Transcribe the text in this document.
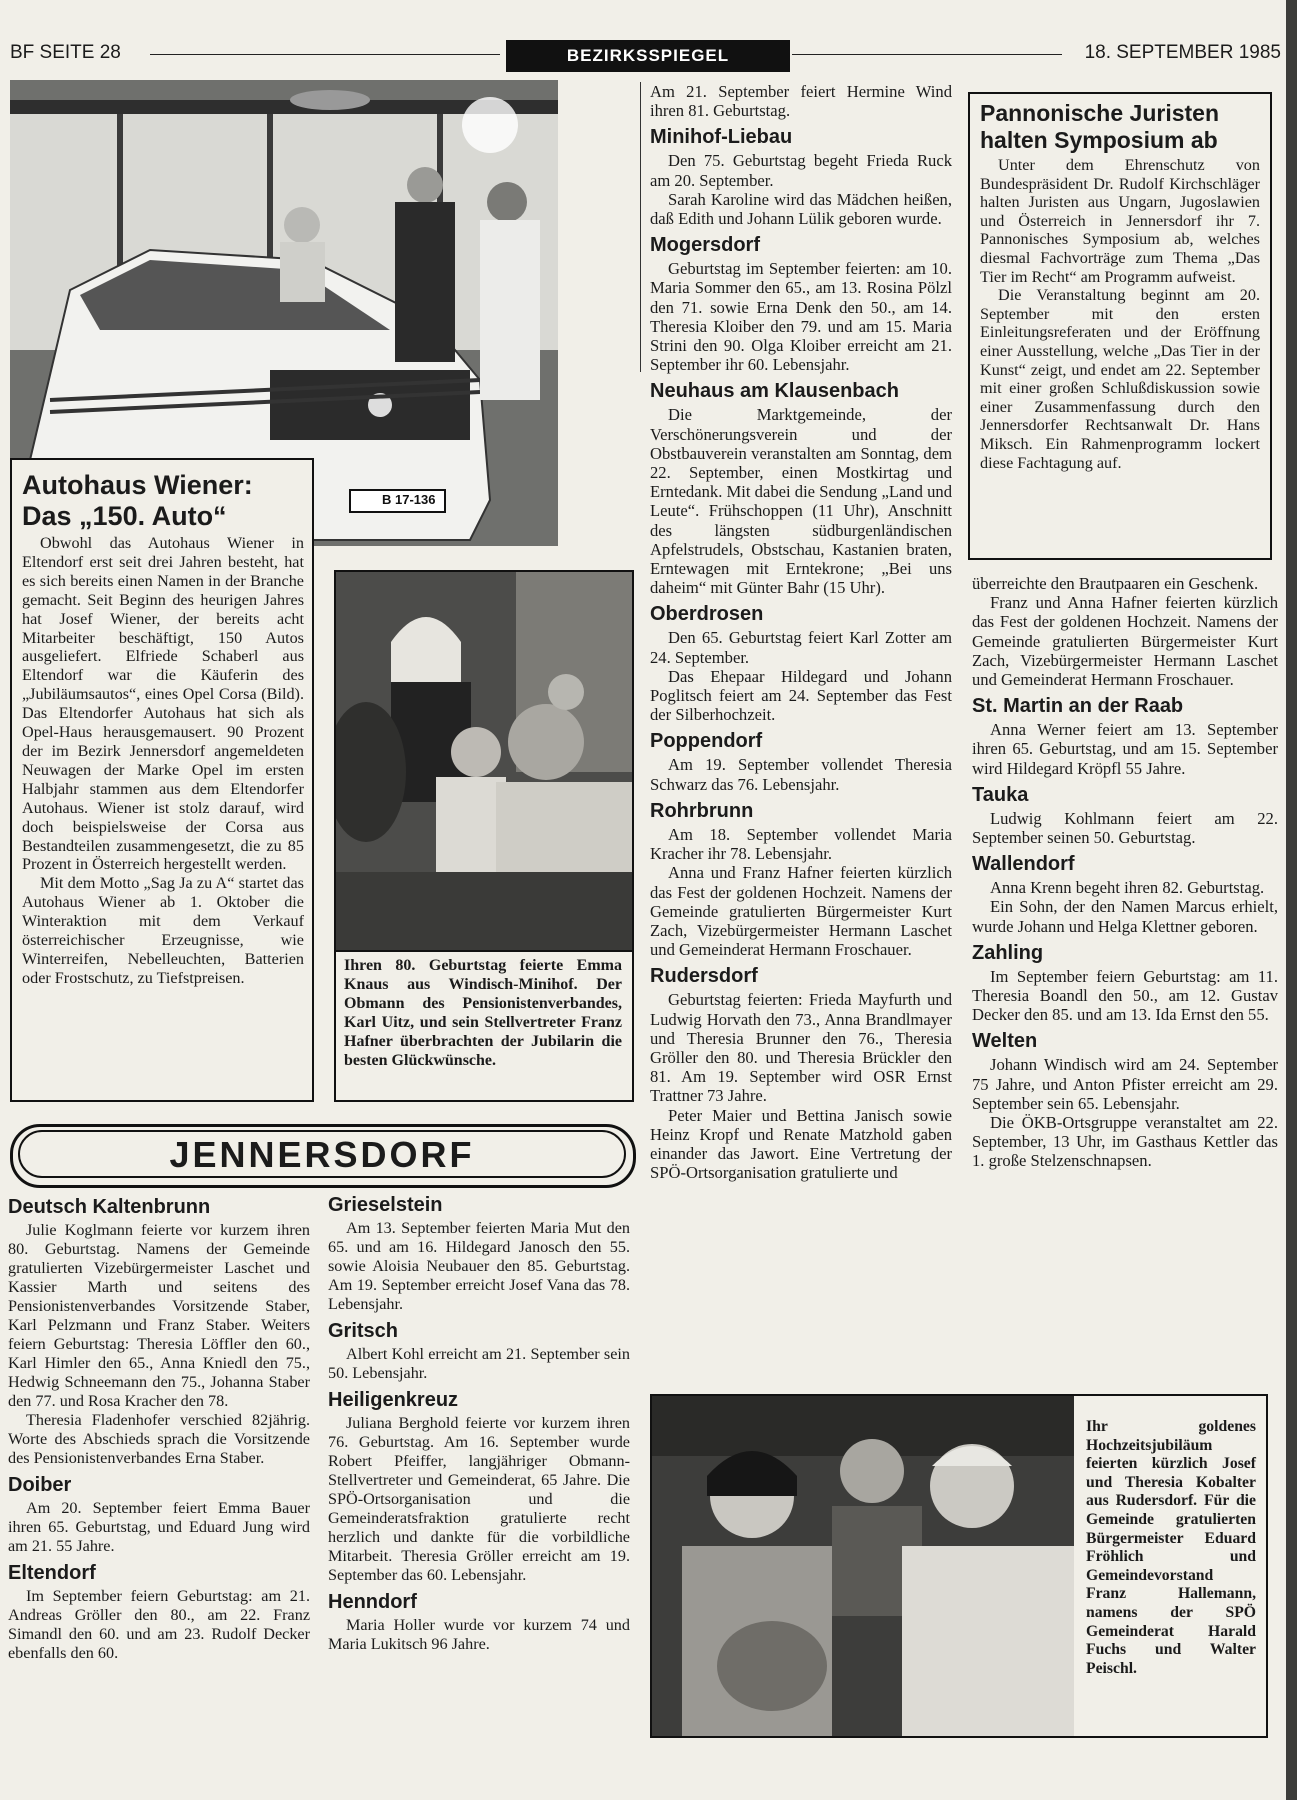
BF SEITE 28	BEZIRKSSPIEGEL	18. SEPTEMBER 1985
B 17-136
Autohaus Wiener:
Das „150. Auto“

Obwohl das Autohaus Wiener in Eltendorf erst seit drei Jahren besteht, hat es sich bereits einen Namen in der Branche gemacht. Seit Beginn des heurigen Jahres hat Josef Wiener, der bereits acht Mitarbeiter beschäftigt, 150 Autos ausgeliefert. Elfriede Schaberl aus Eltendorf war die Käuferin des „Jubiläumsautos“, eines Opel Corsa (Bild). Das Eltendorfer Autohaus hat sich als Opel-Haus herausgemausert. 90 Prozent der im Bezirk Jennersdorf angemeldeten Neuwagen der Marke Opel im ersten Halbjahr stammen aus dem Eltendorfer Autohaus. Wiener ist stolz darauf, wird doch beispielsweise der Corsa aus Bestandteilen zusammengesetzt, die zu 85 Prozent in Österreich hergestellt werden.

Mit dem Motto „Sag Ja zu A“ startet das Autohaus Wiener ab 1. Oktober die Winteraktion mit dem Verkauf österreichischer Erzeugnisse, wie Winterreifen, Nebelleuchten, Batterien oder Frostschutz, zu Tiefstpreisen.

Ihren 80. Geburtstag feierte Emma Knaus aus Windisch-Minihof. Der Obmann des Pensionistenverbandes, Karl Uitz, und sein Stellvertreter Franz Hafner überbrachten der Jubilarin die besten Glückwünsche.

Am 21. September feiert Hermine Wind ihren 81. Geburtstag.

Minihof-Liebau

Den 75. Geburtstag begeht Frieda Ruck am 20. September.

Sarah Karoline wird das Mädchen heißen, daß Edith und Johann Lülik geboren wurde.

Mogersdorf

Geburtstag im September feierten: am 10. Maria Sommer den 65., am 13. Rosina Pölzl den 71. sowie Erna Denk den 50., am 14. Theresia Kloiber den 79. und am 15. Maria Strini den 90. Olga Kloiber erreicht am 21. September ihr 60. Lebensjahr.

Neuhaus am Klausenbach

Die Marktgemeinde, der Verschönerungsverein und der Obstbauverein veranstalten am Sonntag, dem 22. September, einen Mostkirtag und Erntedank. Mit dabei die Sendung „Land und Leute“. Frühschoppen (11 Uhr), Anschnitt des längsten südburgenländischen Apfelstrudels, Obstschau, Kastanien braten, Erntewagen mit Erntekrone; „Bei uns daheim“ mit Günter Bahr (15 Uhr).

Oberdrosen

Den 65. Geburtstag feiert Karl Zotter am 24. September.

Das Ehepaar Hildegard und Johann Poglitsch feiert am 24. September das Fest der Silberhochzeit.

Poppendorf

Am 19. September vollendet Theresia Schwarz das 76. Lebensjahr.

Rohrbrunn

Am 18. September vollendet Maria Kracher ihr 78. Lebensjahr.

Anna und Franz Hafner feierten kürzlich das Fest der goldenen Hochzeit. Namens der Gemeinde gratulierten Bürgermeister Kurt Zach, Vizebürgermeister Hermann Laschet und Gemeinderat Hermann Froschauer.

Rudersdorf

Geburtstag feierten: Frieda Mayfurth und Ludwig Horvath den 73., Anna Brandlmayer und Theresia Brunner den 76., Theresia Gröller den 80. und Theresia Brückler den 81. Am 19. September wird OSR Ernst Trattner 73 Jahre.

Peter Maier und Bettina Janisch sowie Heinz Kropf und Renate Matzhold gaben einander das Jawort. Eine Vertretung der SPÖ-Ortsorganisation gratulierte und

Pannonische Juristen
halten Symposium ab

Unter dem Ehrenschutz von Bundespräsident Dr. Rudolf Kirchschläger halten Juristen aus Ungarn, Jugoslawien und Österreich in Jennersdorf ihr 7. Pannonisches Symposium ab, welches diesmal Fachvorträge zum Thema „Das Tier im Recht“ am Programm aufweist.

Die Veranstaltung beginnt am 20. September mit den ersten Einleitungsreferaten und der Eröffnung einer Ausstellung, welche „Das Tier in der Kunst“ zeigt, und endet am 22. September mit einer großen Schlußdiskussion sowie einer Zusammenfassung durch den Jennersdorfer Rechtsanwalt Dr. Hans Miksch. Ein Rahmenprogramm lockert diese Fachtagung auf.

überreichte den Brautpaaren ein Geschenk.

Franz und Anna Hafner feierten kürzlich das Fest der goldenen Hochzeit. Namens der Gemeinde gratulierten Bürgermeister Kurt Zach, Vizebürgermeister Hermann Laschet und Gemeinderat Hermann Froschauer.

St. Martin an der Raab

Anna Werner feiert am 13. September ihren 65. Geburtstag, und am 15. September wird Hildegard Kröpfl 55 Jahre.

Tauka

Ludwig Kohlmann feiert am 22. September seinen 50. Geburtstag.

Wallendorf

Anna Krenn begeht ihren 82. Geburtstag.

Ein Sohn, der den Namen Marcus erhielt, wurde Johann und Helga Klettner geboren.

Zahling

Im September feiern Geburtstag: am 11. Theresia Boandl den 50., am 12. Gustav Decker den 85. und am 13. Ida Ernst den 55.

Welten

Johann Windisch wird am 24. September 75 Jahre, und Anton Pfister erreicht am 29. September sein 65. Lebensjahr.

Die ÖKB-Ortsgruppe veranstaltet am 22. September, 13 Uhr, im Gasthaus Kettler das 1. große Stelzenschnapsen.

JENNERSDORF
Deutsch Kaltenbrunn

Julie Koglmann feierte vor kurzem ihren 80. Geburtstag. Namens der Gemeinde gratulierten Vizebürgermeister Laschet und Kassier Marth und seitens des Pensionistenverbandes Vorsitzende Staber, Karl Pelzmann und Franz Staber. Weiters feiern Geburtstag: Theresia Löffler den 60., Karl Himler den 65., Anna Kniedl den 75., Hedwig Schneemann den 75., Johanna Staber den 77. und Rosa Kracher den 78.

Theresia Fladenhofer verschied 82jährig. Worte des Abschieds sprach die Vorsitzende des Pensionistenverbandes Erna Staber.

Doiber

Am 20. September feiert Emma Bauer ihren 65. Geburtstag, und Eduard Jung wird am 21. 55 Jahre.

Eltendorf

Im September feiern Geburtstag: am 21. Andreas Gröller den 80., am 22. Franz Simandl den 60. und am 23. Rudolf Decker ebenfalls den 60.

Grieselstein

Am 13. September feierten Maria Mut den 65. und am 16. Hildegard Janosch den 55. sowie Aloisia Neubauer den 85. Geburtstag. Am 19. September erreicht Josef Vana das 78. Lebensjahr.

Gritsch

Albert Kohl erreicht am 21. September sein 50. Lebensjahr.

Heiligenkreuz

Juliana Berghold feierte vor kurzem ihren 76. Geburtstag. Am 16. September wurde Robert Pfeiffer, langjähriger Obmann-Stellvertreter und Gemeinderat, 65 Jahre. Die SPÖ-Ortsorganisation und die Gemeinderatsfraktion gratulierte recht herzlich und dankte für die vorbildliche Mitarbeit. Theresia Gröller erreicht am 19. September das 60. Lebensjahr.

Henndorf

Maria Holler wurde vor kurzem 74 und Maria Lukitsch 96 Jahre.

Ihr goldenes Hochzeitsjubiläum feierten kürzlich Josef und Theresia Kobalter aus Rudersdorf. Für die Gemeinde gratulierten Bürgermeister Eduard Fröhlich und Gemeindevorstand Franz Hallemann, namens der SPÖ Gemeinderat Harald Fuchs und Walter Peischl.
